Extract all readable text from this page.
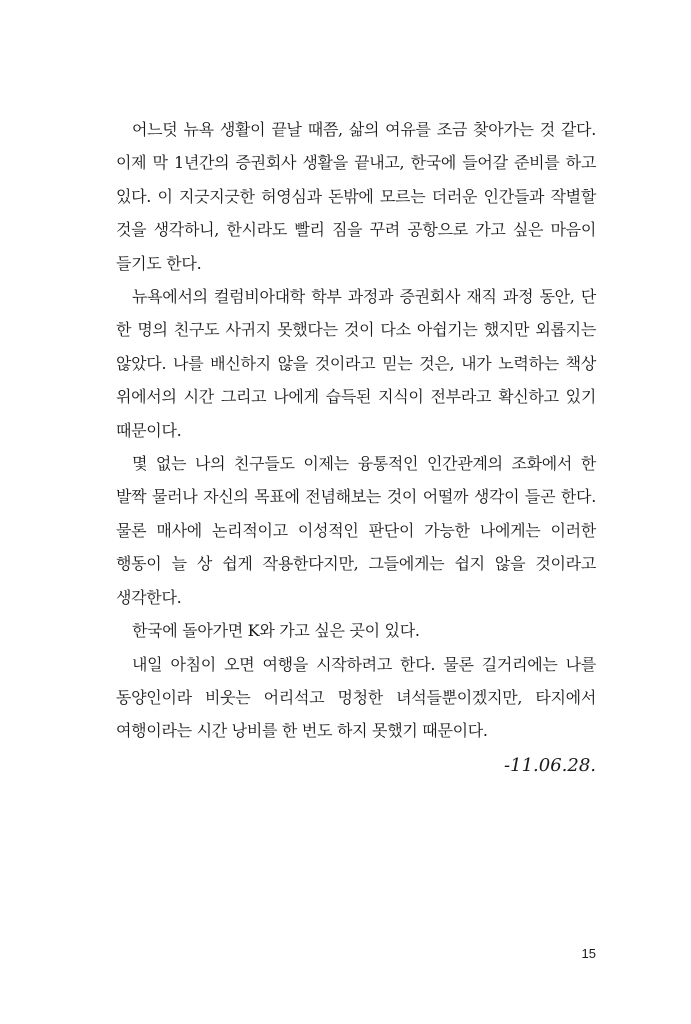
어느덧 뉴욕 생활이 끝날 때쯤, 삶의 여유를 조금 찾아가는 것 같다. 이제 막 1년간의 증권회사 생활을 끝내고, 한국에 들어갈 준비를 하고 있다. 이 지긋지긋한 허영심과 돈밖에 모르는 더러운 인간들과 작별할 것을 생각하니, 한시라도 빨리 짐을 꾸려 공항으로 가고 싶은 마음이 들기도 한다.

뉴욕에서의 컬럼비아대학 학부 과정과 증권회사 재직 과정 동안, 단 한 명의 친구도 사귀지 못했다는 것이 다소 아쉽기는 했지만 외롭지는 않았다. 나를 배신하지 않을 것이라고 믿는 것은, 내가 노력하는 책상 위에서의 시간 그리고 나에게 습득된 지식이 전부라고 확신하고 있기 때문이다.

몇 없는 나의 친구들도 이제는 융통적인 인간관계의 조화에서 한 발짝 물러나 자신의 목표에 전념해보는 것이 어떨까 생각이 들곤 한다. 물론 매사에 논리적이고 이성적인 판단이 가능한 나에게는 이러한 행동이 늘 상 쉽게 작용한다지만, 그들에게는 쉽지 않을 것이라고 생각한다.

한국에 돌아가면 K와 가고 싶은 곳이 있다.

내일 아침이 오면 여행을 시작하려고 한다. 물론 길거리에는 나를 동양인이라 비웃는 어리석고 멍청한 녀석들뿐이겠지만, 타지에서 여행이라는 시간 낭비를 한 번도 하지 못했기 때문이다.

-11.06.28.

15
